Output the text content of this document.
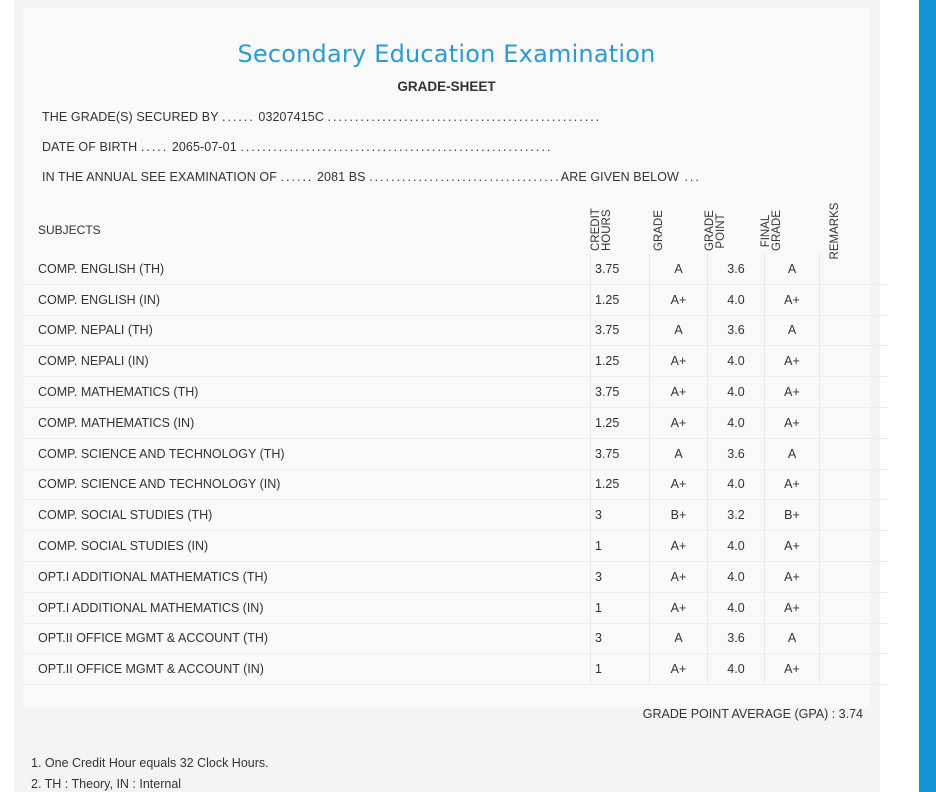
Secondary Education Examination
GRADE-SHEET
THE GRADE(S) SECURED BY ...... 03207415C ..................................................
DATE OF BIRTH ..... 2065-07-01 .........................................................
IN THE ANNUAL SEE EXAMINATION OF ...... 2081 BS ...................................ARE GIVEN BELOW ...
SUBJECTS	CREDIT HOURS	GRADE	GRADE POINT	FINAL GRADE	REMARKS
COMP. ENGLISH (TH)	3.75	A	3.6	A	
COMP. ENGLISH (IN)	1.25	A+	4.0	A+	
COMP. NEPALI (TH)	3.75	A	3.6	A	
COMP. NEPALI (IN)	1.25	A+	4.0	A+	
COMP. MATHEMATICS (TH)	3.75	A+	4.0	A+	
COMP. MATHEMATICS (IN)	1.25	A+	4.0	A+	
COMP. SCIENCE AND TECHNOLOGY (TH)	3.75	A	3.6	A	
COMP. SCIENCE AND TECHNOLOGY (IN)	1.25	A+	4.0	A+	
COMP. SOCIAL STUDIES (TH)	3	B+	3.2	B+	
COMP. SOCIAL STUDIES (IN)	1	A+	4.0	A+	
OPT.I ADDITIONAL MATHEMATICS (TH)	3	A+	4.0	A+	
OPT.I ADDITIONAL MATHEMATICS (IN)	1	A+	4.0	A+	
OPT.II OFFICE MGMT & ACCOUNT (TH)	3	A	3.6	A	
OPT.II OFFICE MGMT & ACCOUNT (IN)	1	A+	4.0	A+	
GRADE POINT AVERAGE (GPA) : 3.74
1. One Credit Hour equals 32 Clock Hours.
2. TH : Theory, IN : Internal
